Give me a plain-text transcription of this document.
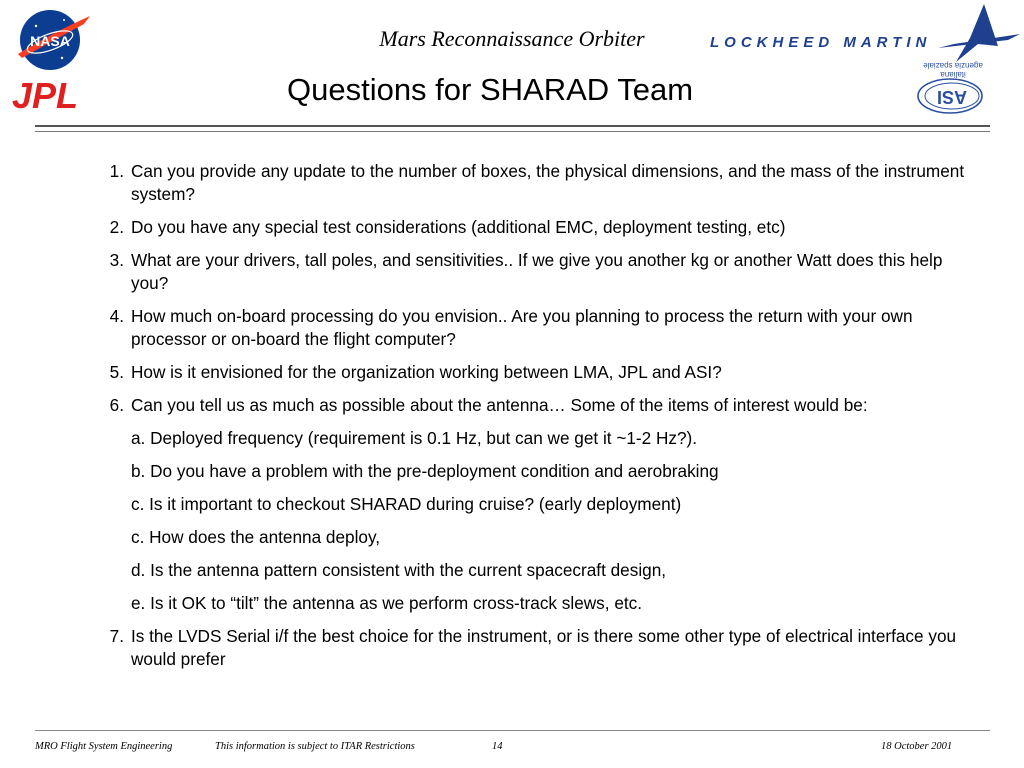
NASA
JPL
LOCKHEED MARTIN
italiana
agenzia spaziale
ASI
Mars Reconnaissance Orbiter
Questions for SHARAD Team
1. Can you provide any update to the number of boxes, the physical dimensions, and the mass of the instrument system?
2. Do you have any special test considerations (additional EMC, deployment testing, etc)
3. What are your drivers, tall poles, and sensitivities.. If we give you another kg or another Watt does this help you?
4. How much on-board processing do you envision.. Are you planning to process the return with your own processor or on-board the flight computer?
5. How is it envisioned for the organization working between LMA, JPL and ASI?
6. Can you tell us as much as possible about the antenna… Some of the items of interest would be:
a. Deployed frequency (requirement is 0.1 Hz, but can we get it ~1-2 Hz?).
b. Do you have a problem with the pre-deployment condition and aerobraking
c. Is it important to checkout SHARAD during cruise? (early deployment)
c. How does the antenna deploy,
d. Is the antenna pattern consistent with the current spacecraft design,
e. Is it OK to “tilt” the antenna as we perform cross-track slews, etc.
7. Is the LVDS Serial i/f the best choice for the instrument, or is there some other type of electrical interface you would prefer
MRO Flight System Engineering	This information is subject to ITAR Restrictions	14	18 October 2001
